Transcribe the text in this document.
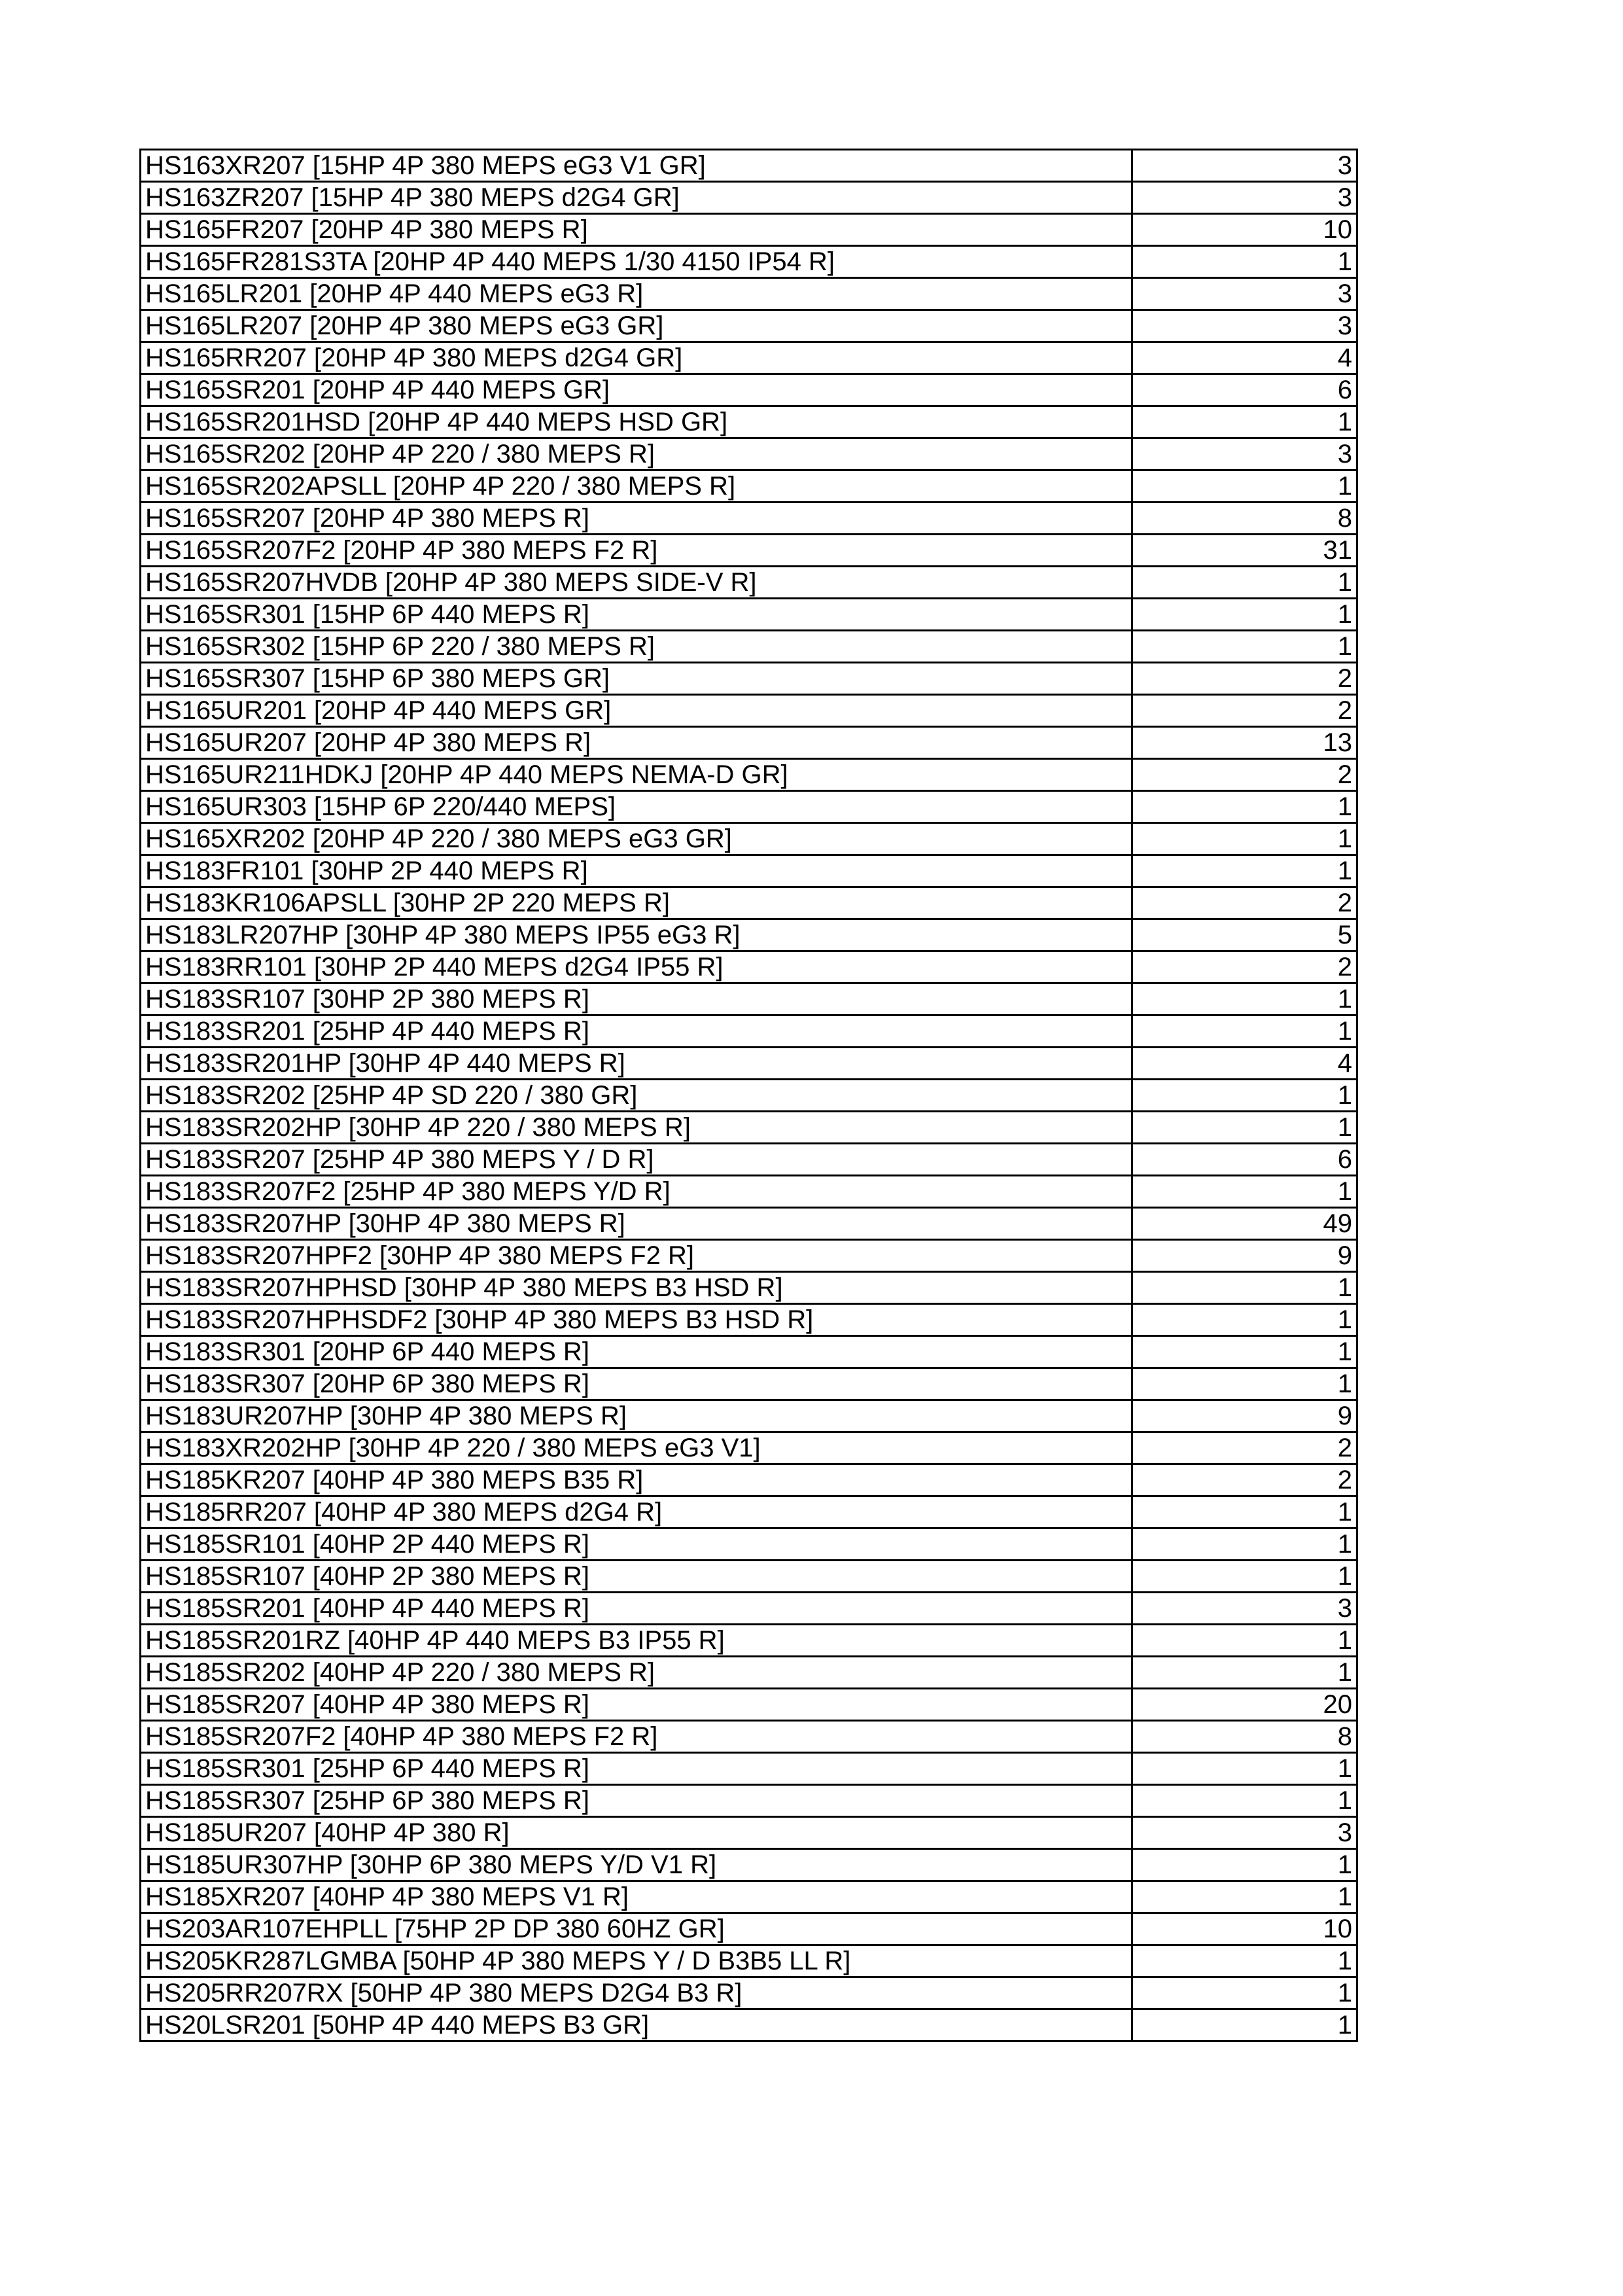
HS163XR207 [15HP 4P 380 MEPS eG3 V1 GR]	3
HS163ZR207 [15HP 4P 380 MEPS d2G4 GR]	3
HS165FR207 [20HP 4P 380 MEPS R]	10
HS165FR281S3TA [20HP 4P 440 MEPS 1/30 4150 IP54 R]	1
HS165LR201 [20HP 4P 440 MEPS eG3 R]	3
HS165LR207 [20HP 4P 380 MEPS eG3 GR]	3
HS165RR207 [20HP 4P 380 MEPS d2G4 GR]	4
HS165SR201 [20HP 4P 440 MEPS GR]	6
HS165SR201HSD [20HP 4P 440 MEPS HSD GR]	1
HS165SR202 [20HP 4P 220 / 380 MEPS R]	3
HS165SR202APSLL [20HP 4P 220 / 380 MEPS R]	1
HS165SR207 [20HP 4P 380 MEPS R]	8
HS165SR207F2 [20HP 4P 380 MEPS F2 R]	31
HS165SR207HVDB [20HP 4P 380 MEPS SIDE-V R]	1
HS165SR301 [15HP 6P 440 MEPS R]	1
HS165SR302 [15HP 6P 220 / 380 MEPS R]	1
HS165SR307 [15HP 6P 380 MEPS GR]	2
HS165UR201 [20HP 4P 440 MEPS GR]	2
HS165UR207 [20HP 4P 380 MEPS R]	13
HS165UR211HDKJ [20HP 4P 440 MEPS NEMA-D GR]	2
HS165UR303 [15HP 6P 220/440 MEPS]	1
HS165XR202 [20HP 4P 220 / 380 MEPS eG3 GR]	1
HS183FR101 [30HP 2P 440 MEPS R]	1
HS183KR106APSLL [30HP 2P 220 MEPS R]	2
HS183LR207HP [30HP 4P 380 MEPS IP55 eG3 R]	5
HS183RR101 [30HP 2P 440 MEPS d2G4 IP55 R]	2
HS183SR107 [30HP 2P 380 MEPS R]	1
HS183SR201 [25HP 4P 440 MEPS R]	1
HS183SR201HP [30HP 4P 440 MEPS R]	4
HS183SR202 [25HP 4P SD 220 / 380 GR]	1
HS183SR202HP [30HP 4P 220 / 380 MEPS R]	1
HS183SR207 [25HP 4P 380 MEPS Y / D R]	6
HS183SR207F2 [25HP 4P 380 MEPS Y/D R]	1
HS183SR207HP [30HP 4P 380 MEPS R]	49
HS183SR207HPF2 [30HP 4P 380 MEPS F2 R]	9
HS183SR207HPHSD [30HP 4P 380 MEPS B3 HSD R]	1
HS183SR207HPHSDF2 [30HP 4P 380 MEPS B3 HSD R]	1
HS183SR301 [20HP 6P 440 MEPS R]	1
HS183SR307 [20HP 6P 380 MEPS R]	1
HS183UR207HP [30HP 4P 380 MEPS R]	9
HS183XR202HP [30HP 4P 220 / 380 MEPS eG3 V1]	2
HS185KR207 [40HP 4P 380 MEPS B35 R]	2
HS185RR207 [40HP 4P 380 MEPS d2G4 R]	1
HS185SR101 [40HP 2P 440 MEPS R]	1
HS185SR107 [40HP 2P 380 MEPS R]	1
HS185SR201 [40HP 4P 440 MEPS R]	3
HS185SR201RZ [40HP 4P 440 MEPS B3 IP55 R]	1
HS185SR202 [40HP 4P 220 / 380 MEPS R]	1
HS185SR207 [40HP 4P 380 MEPS R]	20
HS185SR207F2 [40HP 4P 380 MEPS F2 R]	8
HS185SR301 [25HP 6P 440 MEPS R]	1
HS185SR307 [25HP 6P 380 MEPS R]	1
HS185UR207 [40HP 4P 380 R]	3
HS185UR307HP [30HP 6P 380 MEPS Y/D V1 R]	1
HS185XR207 [40HP 4P 380 MEPS V1 R]	1
HS203AR107EHPLL [75HP 2P DP 380 60HZ GR]	10
HS205KR287LGMBA [50HP 4P 380 MEPS Y / D B3B5 LL R]	1
HS205RR207RX [50HP 4P 380 MEPS D2G4 B3 R]	1
HS20LSR201 [50HP 4P 440 MEPS B3 GR]	1
